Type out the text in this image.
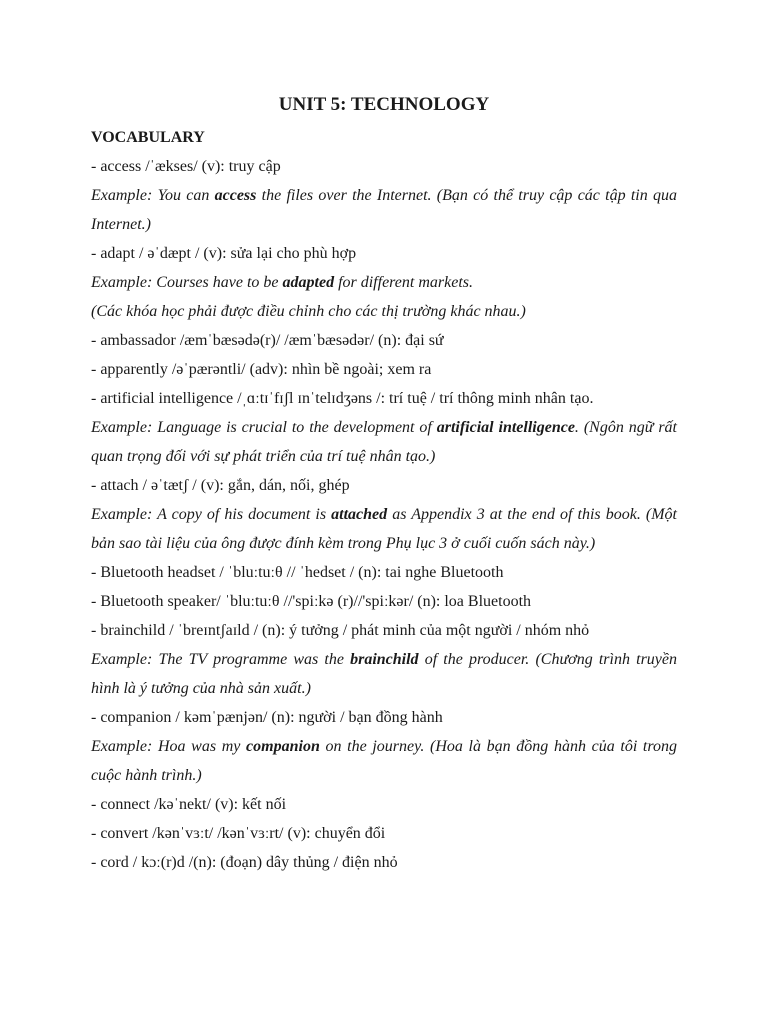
UNIT 5: TECHNOLOGY

VOCABULARY

- access /ˈækses/ (v): truy cập

Example: You can access the files over the Internet. (Bạn có thể truy cập các tập tin qua Internet.)

- adapt / əˈdæpt / (v): sửa lại cho phù hợp

Example: Courses have to be adapted for different markets.

(Các khóa học phải được điều chỉnh cho các thị trường khác nhau.)

- ambassador /æmˈbæsədə(r)/ /æmˈbæsədər/ (n): đại sứ

- apparently /əˈpærəntli/ (adv): nhìn bề ngoài; xem ra

- artificial intelligence /ˌɑːtɪˈfɪʃl ɪnˈtelɪdʒəns /: trí tuệ / trí thông minh nhân tạo.

Example: Language is crucial to the development of artificial intelligence. (Ngôn ngữ rất quan trọng đối với sự phát triển của trí tuệ nhân tạo.)

- attach / əˈtætʃ / (v): gắn, dán, nối, ghép

Example: A copy of his document is attached as Appendix 3 at the end of this book. (Một bản sao tài liệu của ông được đính kèm trong Phụ lục 3 ở cuối cuốn sách này.)

- Bluetooth headset / ˈbluːtuːθ // ˈhedset / (n): tai nghe Bluetooth

- Bluetooth speaker/ ˈbluːtuːθ //'spiːkə (r)//'spiːkər/ (n): loa Bluetooth

- brainchild / ˈbreɪntʃaɪld / (n): ý tưởng / phát minh của một người / nhóm nhỏ

Example: The TV programme was the brainchild of the producer. (Chương trình truyền hình là ý tưởng của nhà sản xuất.)

- companion / kəmˈpænjən/ (n): người / bạn đồng hành

Example: Hoa was my companion on the journey. (Hoa là bạn đồng hành của tôi trong cuộc hành trình.)

- connect /kəˈnekt/ (v): kết nối

- convert /kənˈvɜːt/ /kənˈvɜːrt/ (v): chuyển đổi

- cord / kɔː(r)d /(n): (đoạn) dây thủng / điện nhỏ
